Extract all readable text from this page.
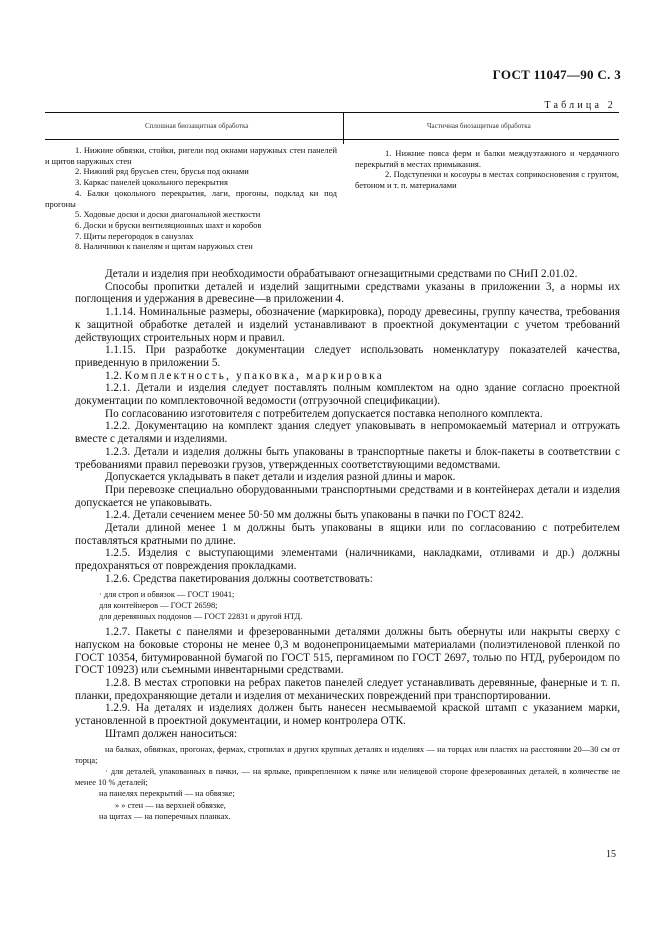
ГОСТ 11047—90 С. 3
Таблица 2
Сплошная биозащитная обработка	Частичная биозащитная обработка

1. Нижние обвязки, стойки, ригели под окнами наружных стен панелей и щитов наружных стен

2. Нижний ряд брусьев стен, брусья под окнами

3. Каркас панелей цокольного перекрытия

4. Балки цокольного перекрытия, лаги, прогоны, подклад ки под прогоны

5. Ходовые доски и доски диагональной жесткости

6. Доски и бруски вентиляционных шахт и коробов

7. Щиты перегородок в санузлах

8. Наличники к панелям и щитам наружных стен

1. Нижние пояса ферм и балки междуэтажного и чердачного перекрытий в местах примыкания.

2. Подступенки и косоуры в местах соприкосновения с грунтом, бетоном и т. п. материалами

Детали и изделия при необходимости обрабатывают огнезащитными средствами по СНиП 2.01.02.

Способы пропитки деталей и изделий защитными средствами указаны в приложении 3, а нормы их поглощения и удержания в древесине—в приложении 4.

1.1.14. Номинальные размеры, обозначение (маркировка), породу древесины, группу качества, требования к защитной обработке деталей и изделий устанавливают в проектной документации с учетом требований действующих строительных норм и правил.

1.1.15. При разработке документации следует использовать номенклатуру показателей качества, приведенную в приложении 5.

1.2. Комплектность, упаковка, маркировка

1.2.1. Детали и изделия следует поставлять полным комплектом на одно здание согласно проектной документации по комплектовочной ведомости (отгрузочной спецификации).

По согласованию изготовителя с потребителем допускается поставка неполного комплекта.

1.2.2. Документацию на комплект здания следует упаковывать в непромокаемый материал и отгружать вместе с деталями и изделиями.

1.2.3. Детали и изделия должны быть упакованы в транспортные пакеты и блок-пакеты в соответствии с требованиями правил перевозки грузов, утвержденных соответствующими ведомствами.

Допускается укладывать в пакет детали и изделия разной длины и марок.

При перевозке специально оборудованными транспортными средствами и в контейнерах детали и изделия допускается не упаковывать.

1.2.4. Детали сечением менее 50·50 мм должны быть упакованы в пачки по ГОСТ 8242.

Детали длиной менее 1 м должны быть упакованы в ящики или по согласованию с потребителем поставляться кратными по длине.

1.2.5. Изделия с выступающими элементами (наличниками, накладками, отливами и др.) должны предохраняться от повреждения прокладками.

1.2.6. Средства пакетирования должны соответствовать:

· для строп и обвязок — ГОСТ 19041;

для контейнеров — ГОСТ 26598;

для деревянных поддонов — ГОСТ 22831 и другой НТД.

1.2.7. Пакеты с панелями и фрезерованными деталями должны быть обернуты или накрыты сверху с напуском на боковые стороны не менее 0,3 м водонепроницаемыми материалами (полиэтиленовой пленкой по ГОСТ 10354, битумированной бумагой по ГОСТ 515, пергамином по ГОСТ 2697, толью по НТД, рубероидом по ГОСТ 10923) или съемными инвентарными средствами.

1.2.8. В местах строповки на ребрах пакетов панелей следует устанавливать деревянные, фанерные и т. п. планки, предохраняющие детали и изделия от механических повреждений при транспортировании.

1.2.9. На деталях и изделиях должен быть нанесен несмываемой краской штамп с указанием марки, установленной в проектной документации, и номер контролера ОТК.

Штамп должен наноситься:

на балках, обвязках, прогонах, фермах, стропилах и других крупных деталях и изделиях — на торцах или пластях на расстоянии 20—30 см от торца;

· для деталей, упакованных в пачки, — на ярлыке, прикрепленном к пачке или нелицевой стороне фрезерованных деталей, в количестве не менее 10 % деталей;

на панелях перекрытий — на обвязке;

» » стен — на верхней обвязке,

на щитах — на поперечных планках.

15
